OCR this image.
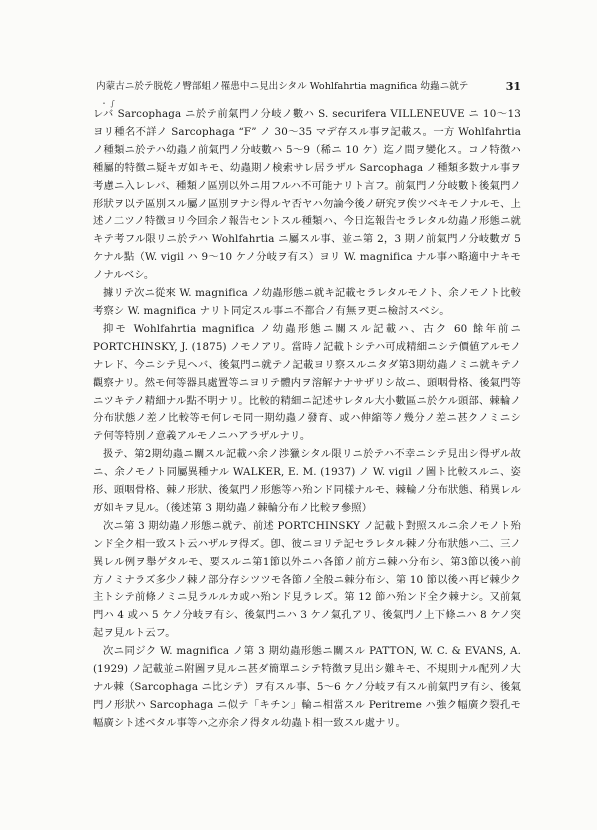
内蒙古ニ於テ脱乾ノ臀部蛆ノ罹患中ニ見出シタル Wohlfahrtia magnifica 幼蟲ニ就テ	31
・ ∫

レバ Sarcophaga ニ於テ前氣門ノ分岐ノ數ハ S. securifera VILLENEUVE ニ 10〜13 ヨリ種名不詳ノ Sarcophaga “F” ノ 30〜35 マデ存スル事ヲ記載ス。一方 Wohlfahrtia ノ種類ニ於テハ幼蟲ノ前氣門ノ分岐數ハ 5〜9（稀ニ 10 ケ）迄ノ間ヲ變化ス。コノ特徴ハ種屬的特徴ニ疑キガ如キモ、幼蟲期ノ検索サレ居ラザル Sarcophaga ノ種類多数ナル事ヲ考慮ニ入レレバ、種類ノ區別以外ニ用フルハ不可能ナリト言フ。前氣門ノ分岐數ト後氣門ノ形狀ヲ以テ區別スル屬ノ區別ヲナシ得ルヤ否ヤハ勿論今後ノ研究ヲ俟ツベキモノナルモ、上述ノ二ツノ特徴ヨリ今回余ノ報告セントスル種類ハ、今日迄報告セラレタル幼蟲ノ形態ニ就キテ考フル限リニ於テハ Wohlfahrtia ニ屬スル事、並ニ第 2，3 期ノ前氣門ノ分岐數ガ 5 ケナル點（W. vigil ハ 9〜10 ケノ分岐ヲ有ス）ヨリ W. magnifica ナル事ハ略適中ナキモノナルベシ。

據リテ次ニ從來 W. magnifica ノ幼蟲形態ニ就キ記載セラレタルモノト、余ノモノト比較考察シ W. magnifica ナリト同定スル事ニ不都合ノ有無ヲ更ニ檢討スベシ。

抑モ Wohlfahrtia magnifica ノ幼蟲形態ニ關スル記載ハ、古ク 60 餘年前ニ PORTCHINSKY, J. (1875) ノモノアリ。當時ノ記載トシテハ可成精細ニシテ價値アルモノナレド、今ニシテ見ヘバ、後氣門ニ就テノ記載ヨリ察スルニタダ第3期幼蟲ノミニ就キテノ觀察ナリ。然モ何等器具處置等ニヨリテ體内ヲ溶解ナナサザリシ故ニ、頭咽骨格、後氣門等ニツキテノ精細ナル點不明ナリ。比較的精細ニ記述サレタル大小數區ニ於ケル頭部、棘輪ノ分布狀態ノ差ノ比較等モ何レモ同一期幼蟲ノ發育、或ハ伸縮等ノ幾分ノ差ニ甚クノミニシテ何等特別ノ意義アルモノニハアラザルナリ。

扱テ、第2期幼蟲ニ關スル記載ハ余ノ渉獵シタル限リニ於テハ不幸ニシテ見出シ得ザル故ニ、余ノモノト同屬異種ナル WALKER, E. M. (1937) ノ W. vigil ノ圖ト比較スルニ、姿形、頭咽骨格、棘ノ形狀、後氣門ノ形態等ハ殆ンド同樣ナルモ、棘輪ノ分布狀態、稍異レルガ如キヲ見ル。（後述第 3 期幼蟲ノ棘輪分布ノ比較ヲ參照）

次ニ第 3 期幼蟲ノ形態ニ就テ、前述 PORTCHINSKY ノ記載ト對照スルニ余ノモノト殆ンド全ク相一致スト云ハザルヲ得ズ。卽、彼ニヨリテ記セラレタル棘ノ分布狀態ハ二、三ノ異レル例ヲ舉ゲタルモ、要スルニ第1節以外ニハ各節ノ前方ニ棘ハ分布シ、第3節以後ハ前方ノミナラズ多少ノ棘ノ部分存シツツモ各節ノ全般ニ棘分布シ、第 10 節以後ハ再ビ棘少ク主トシテ前條ノミニ見ラルルカ或ハ殆ンド見ラレズ。第 12 節ハ殆ンド全ク棘ナシ。又前氣門ハ 4 或ハ 5 ケノ分岐ヲ有シ、後氣門ニハ 3 ケノ氣孔アリ、後氣門ノ上下條ニハ 8 ケノ突起ヲ見ルト云フ。

次ニ同ジク W. magnifica ノ第 3 期幼蟲形態ニ關スル PATTON, W. C. & EVANS, A. (1929) ノ記載並ニ附圖ヲ見ルニ甚ダ簡單ニシテ特徴ヲ見出シ難キモ、不規則ナル配列ノ大ナル棘（Sarcophaga ニ比シテ）ヲ有スル事、5〜6 ケノ分岐ヲ有スル前氣門ヲ有シ、後氣門ノ形狀ハ Sarcophaga ニ似テ「キチン」輪ニ相當スル Peritreme ハ強ク幅廣ク裂孔モ幅廣シト述ベタル事等ハ之亦余ノ得タル幼蟲ト相一致スル處ナリ。
